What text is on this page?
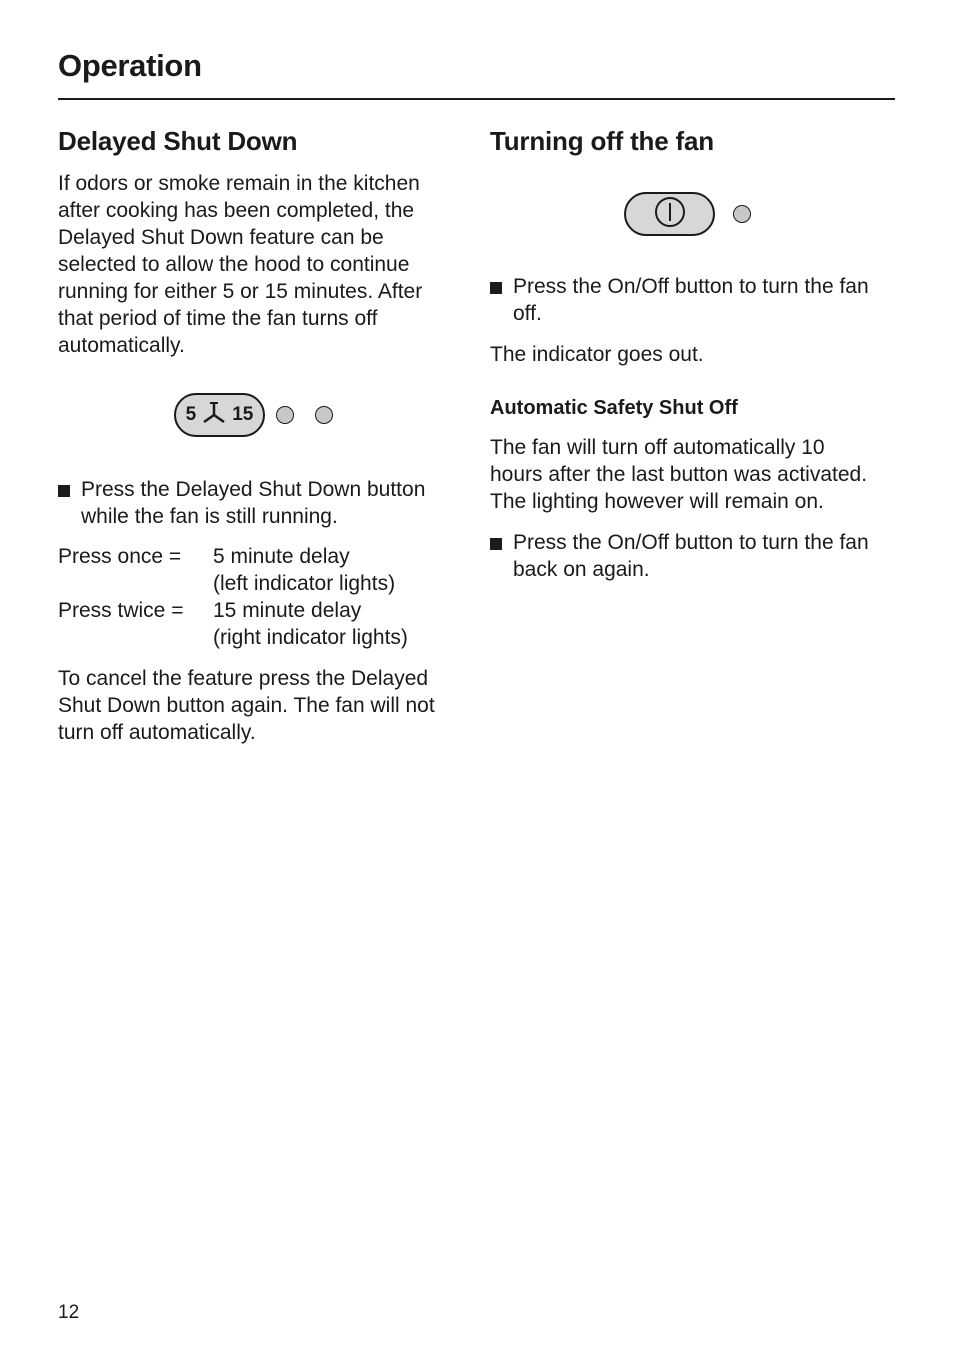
Operation
Delayed Shut Down

If odors or smoke remain in the kitchen after cooking has been completed, the Delayed Shut Down feature can be selected to allow the hood to continue running for either 5 or 15 minutes. After that period of time the fan turns off automatically.

5 15
Press the Delayed Shut Down button while the fan is still running.
Press once =	5 minute delay
	(left indicator lights)
Press twice =	15 minute delay
	(right indicator lights)

To cancel the feature press the Delayed Shut Down button again. The fan will not turn off automatically.

Turning off the fan
Press the On/Off button to turn the fan off.

The indicator goes out.

Automatic Safety Shut Off

The fan will turn off automatically 10 hours after the last button was activated. The lighting however will remain on.

Press the On/Off button to turn the fan back on again.
12
